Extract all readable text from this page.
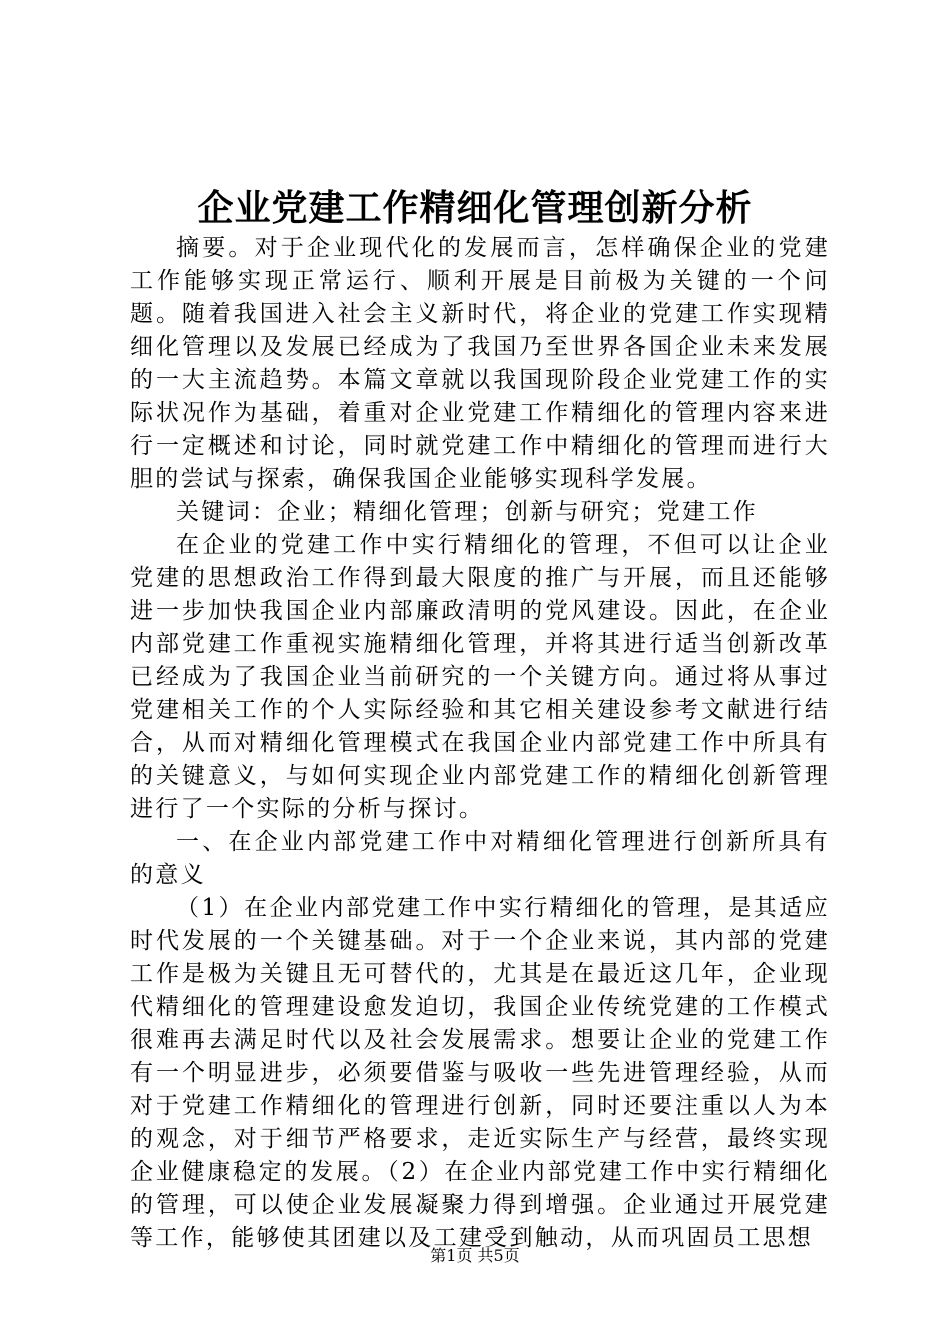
企业党建工作精细化管理创新分析

摘要。对于企业现代化的发展而言，怎样确保企业的党建工作能够实现正常运行、顺利开展是目前极为关键的一个问题。随着我国进入社会主义新时代，将企业的党建工作实现精细化管理以及发展已经成为了我国乃至世界各国企业未来发展的一大主流趋势。本篇文章就以我国现阶段企业党建工作的实际状况作为基础，着重对企业党建工作精细化的管理内容来进行一定概述和讨论，同时就党建工作中精细化的管理而进行大胆的尝试与探索，确保我国企业能够实现科学发展。

关键词：企业；精细化管理；创新与研究；党建工作

在企业的党建工作中实行精细化的管理，不但可以让企业党建的思想政治工作得到最大限度的推广与开展，而且还能够进一步加快我国企业内部廉政清明的党风建设。因此，在企业内部党建工作重视实施精细化管理，并将其进行适当创新改革已经成为了我国企业当前研究的一个关键方向。通过将从事过党建相关工作的个人实际经验和其它相关建设参考文献进行结合，从而对精细化管理模式在我国企业内部党建工作中所具有的关键意义，与如何实现企业内部党建工作的精细化创新管理进行了一个实际的分析与探讨。

一、在企业内部党建工作中对精细化管理进行创新所具有的意义

（1）在企业内部党建工作中实行精细化的管理，是其适应时代发展的一个关键基础。对于一个企业来说，其内部的党建工作是极为关键且无可替代的，尤其是在最近这几年，企业现代精细化的管理建设愈发迫切，我国企业传统党建的工作模式很难再去满足时代以及社会发展需求。想要让企业的党建工作有一个明显进步，必须要借鉴与吸收一些先进管理经验，从而对于党建工作精细化的管理进行创新，同时还要注重以人为本的观念，对于细节严格要求，走近实际生产与经营，最终实现企业健康稳定的发展。（2）在企业内部党建工作中实行精细化的管理，可以使企业发展凝聚力得到增强。企业通过开展党建等工作，能够使其团建以及工建受到触动，从而巩固员工思想

第1页 共5页
